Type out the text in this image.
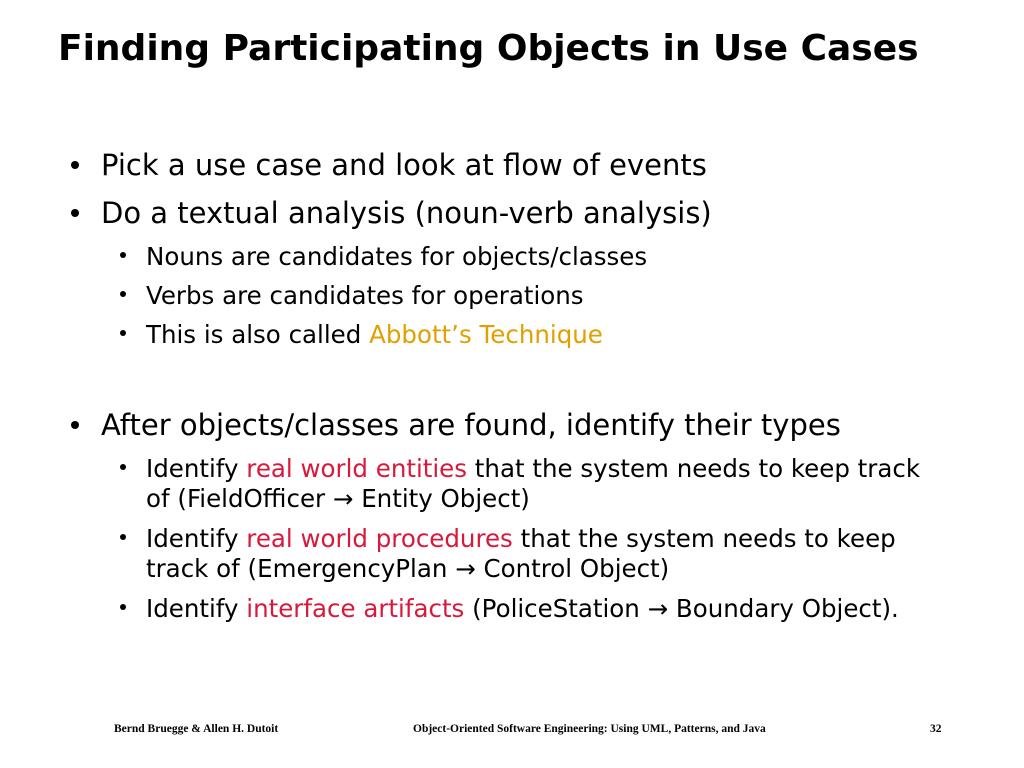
Finding Participating Objects in Use Cases

Pick a use case and look at flow of events

Do a textual analysis (noun-verb analysis)

Nouns are candidates for objects/classes

Verbs are candidates for operations

This is also called Abbott’s Technique

After objects/classes are found, identify their types

Identify real world entities that the system needs to keep track of (FieldOfficer → Entity Object)

Identify real world procedures that the system needs to keep track of (EmergencyPlan → Control Object)

Identify interface artifacts (PoliceStation → Boundary Object).

Bernd Bruegge & Allen H. Dutoit	Object-Oriented Software Engineering: Using UML, Patterns, and Java	32
